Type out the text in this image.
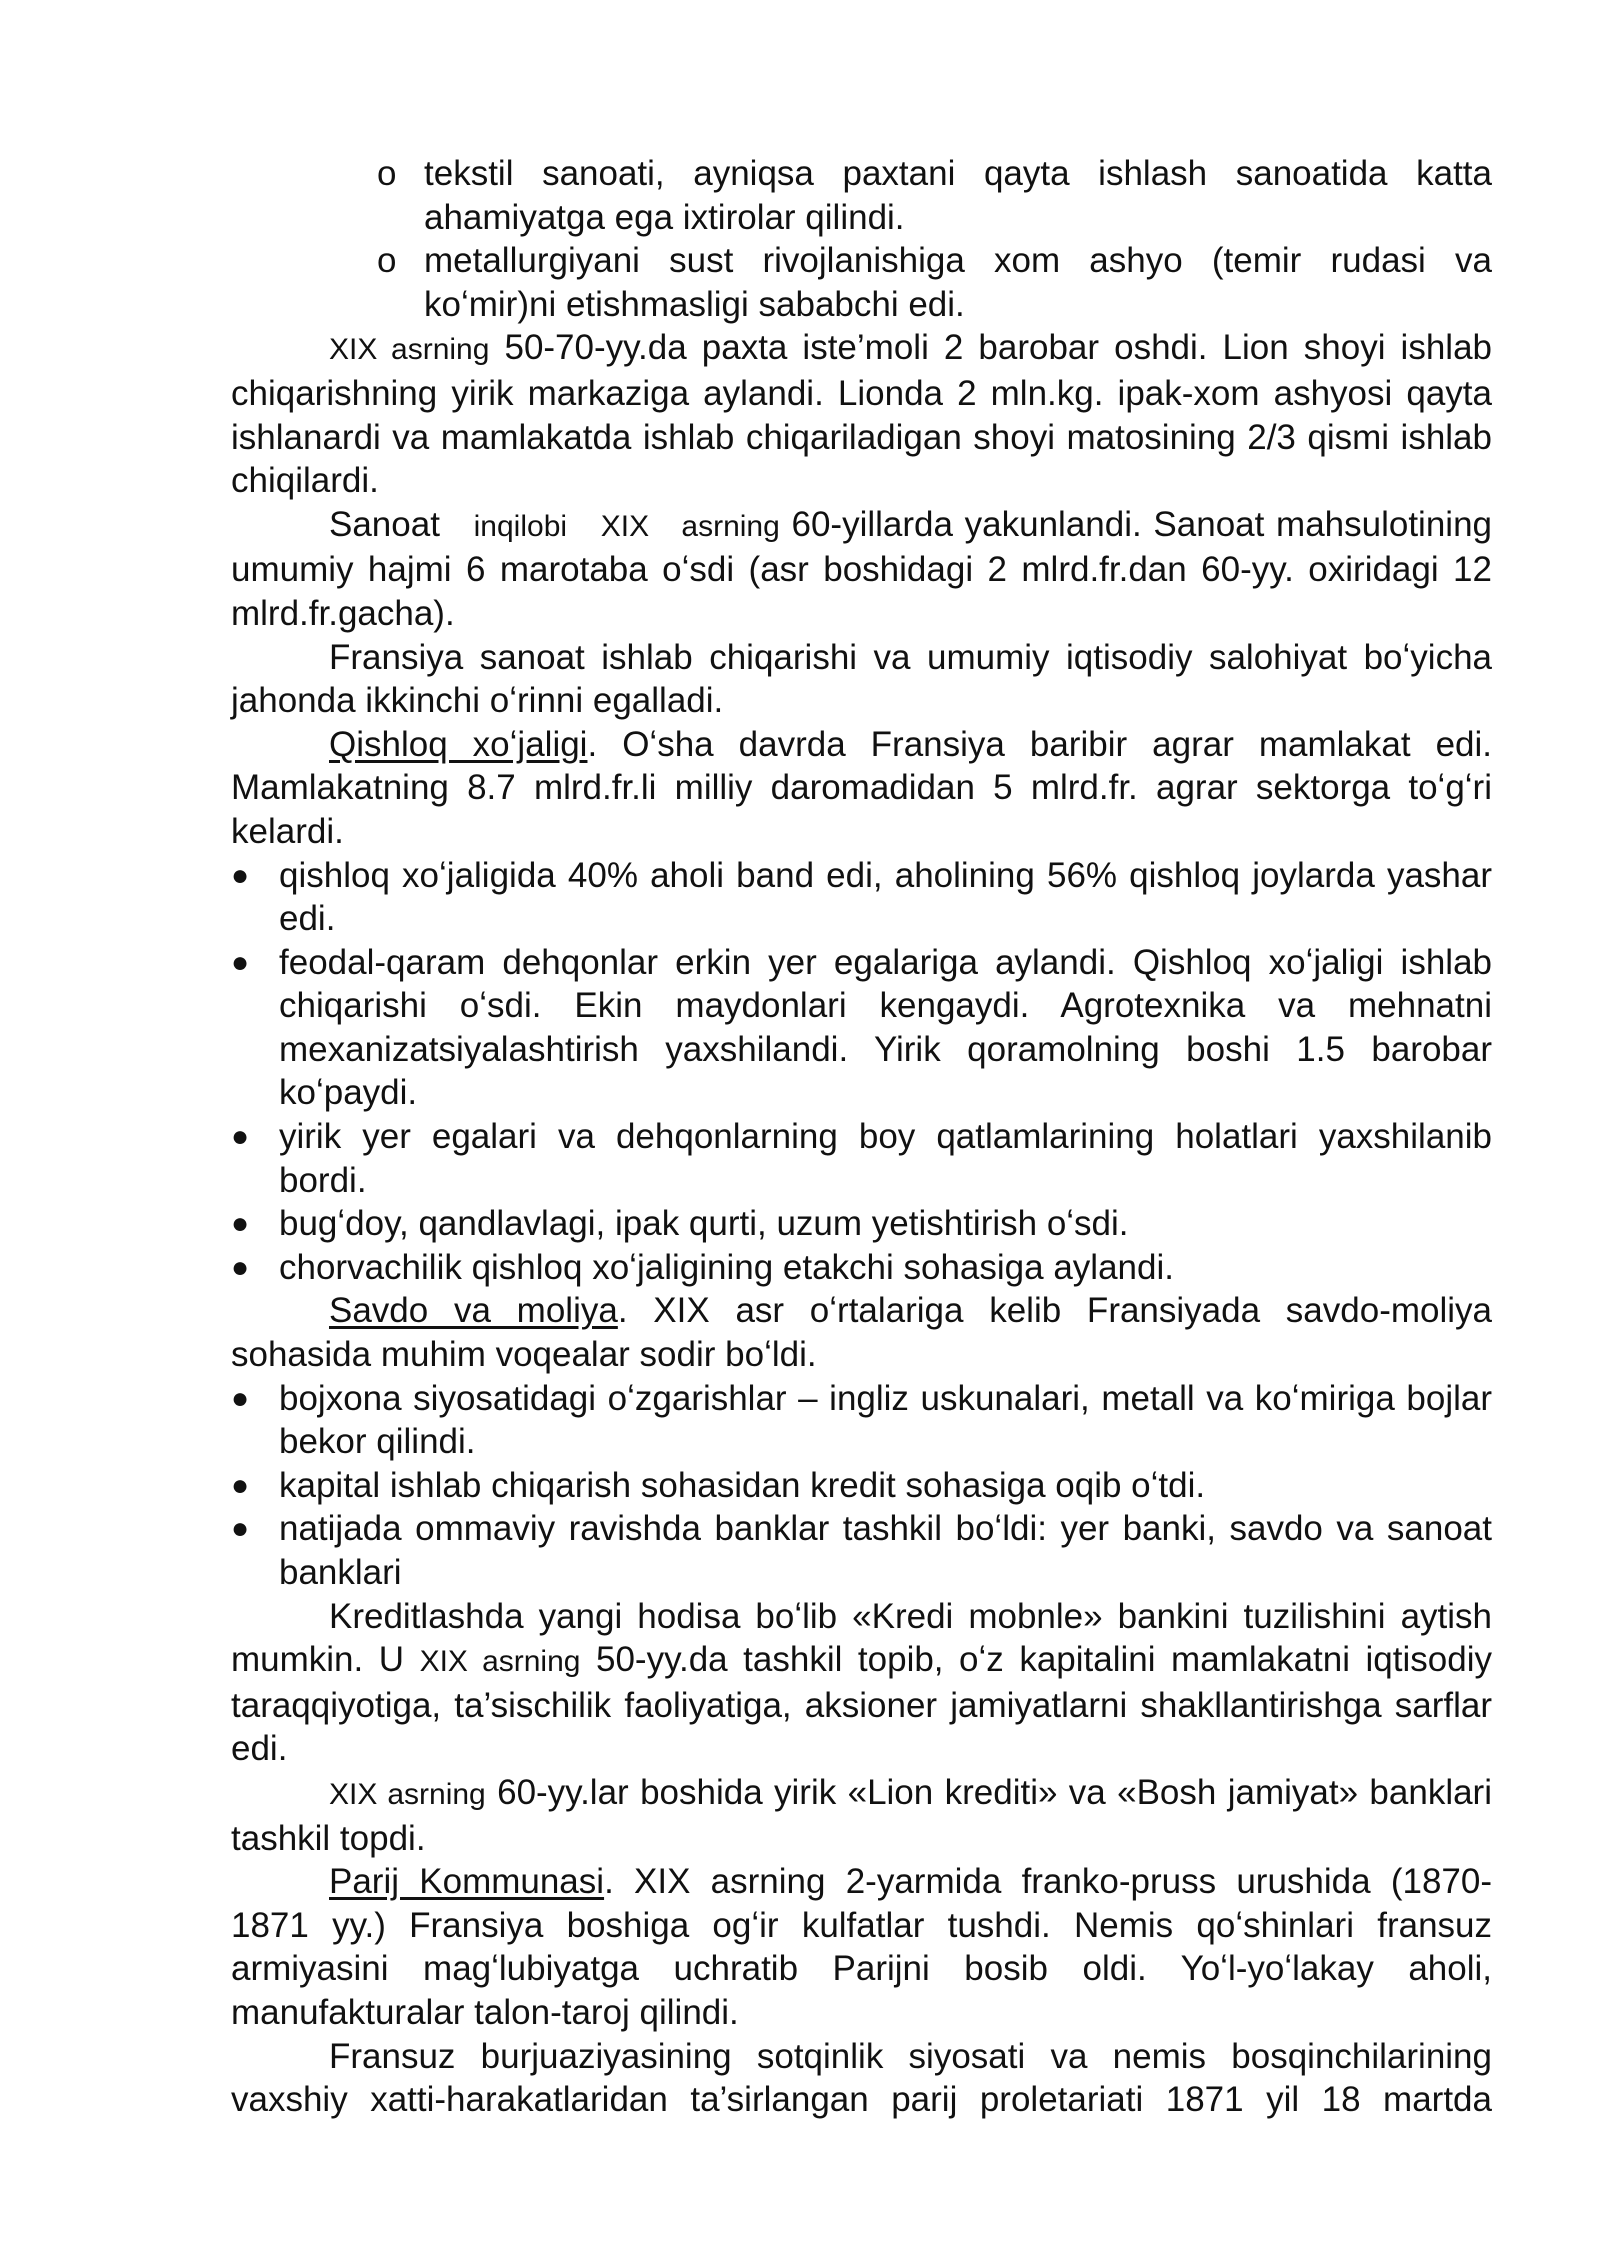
o tekstil sanoati, ayniqsa paxtani qayta ishlash sanoatida katta ahamiyatga ega ixtirolar qilindi.
o metallurgiyani sust rivojlanishiga xom ashyo (temir rudasi va koʻmir)ni etishmasligi sababchi edi.

XIX asrning 50-70-yy.da paxta iste’moli 2 barobar oshdi. Lion shoyi ishlab chiqarishning yirik markaziga aylandi. Lionda 2 mln.kg. ipak-xom ashyosi qayta ishlanardi va mamlakatda ishlab chiqariladigan shoyi matosining 2/3 qismi ishlab chiqilardi.

Sanoat inqilobi XIX asrning 60-yillarda yakunlandi. Sanoat mahsulotining umumiy hajmi 6 marotaba oʻsdi (asr boshidagi 2 mlrd.fr.dan 60-yy. oxiridagi 12 mlrd.fr.gacha).

Fransiya sanoat ishlab chiqarishi va umumiy iqtisodiy salohiyat boʻyicha jahonda ikkinchi oʻrinni egalladi.

Qishloq xoʻjaligi. Oʻsha davrda Fransiya baribir agrar mamlakat edi. Mamlakatning 8.7 mlrd.fr.li milliy daromadidan 5 mlrd.fr. agrar sektorga toʻgʻri kelardi.

● qishloq xoʻjaligida 40% aholi band edi, aholining 56% qishloq joylarda yashar edi.
● feodal-qaram dehqonlar erkin yer egalariga aylandi. Qishloq xoʻjaligi ishlab chiqarishi oʻsdi. Ekin maydonlari kengaydi. Agrotexnika va mehnatni mexanizatsiyalashtirish yaxshilandi. Yirik qoramolning boshi 1.5 barobar koʻpaydi.
● yirik yer egalari va dehqonlarning boy qatlamlarining holatlari yaxshilanib bordi.
● bugʻdoy, qandlavlagi, ipak qurti, uzum yetishtirish oʻsdi.
● chorvachilik qishloq xoʻjaligining etakchi sohasiga aylandi.

Savdo va moliya. XIX asr oʻrtalariga kelib Fransiyada savdo-moliya sohasida muhim voqealar sodir boʻldi.

● bojxona siyosatidagi oʻzgarishlar – ingliz uskunalari, metall va koʻmiriga bojlar bekor qilindi.
● kapital ishlab chiqarish sohasidan kredit sohasiga oqib oʻtdi.
● natijada ommaviy ravishda banklar tashkil boʻldi: yer banki, savdo va sanoat banklari

Kreditlashda yangi hodisa boʻlib «Kredi mobnle» bankini tuzilishini aytish mumkin. U XIX asrning 50-yy.da tashkil topib, oʻz kapitalini mamlakatni iqtisodiy taraqqiyotiga, ta’sischilik faoliyatiga, aksioner jamiyatlarni shakllantirishga sarflar edi.

XIX asrning 60-yy.lar boshida yirik «Lion krediti» va «Bosh jamiyat» banklari tashkil topdi.

Parij Kommunasi. XIX asrning 2-yarmida franko-pruss urushida (1870-1871 yy.) Fransiya boshiga ogʻir kulfatlar tushdi. Nemis qoʻshinlari fransuz armiyasini magʻlubiyatga uchratib Parijni bosib oldi. Yoʻl-yoʻlakay aholi, manufakturalar talon-taroj qilindi.

Fransuz burjuaziyasining sotqinlik siyosati va nemis bosqinchilarining vaxshiy xatti-harakatlaridan ta’sirlangan parij proletariati 1871 yil 18 martda
